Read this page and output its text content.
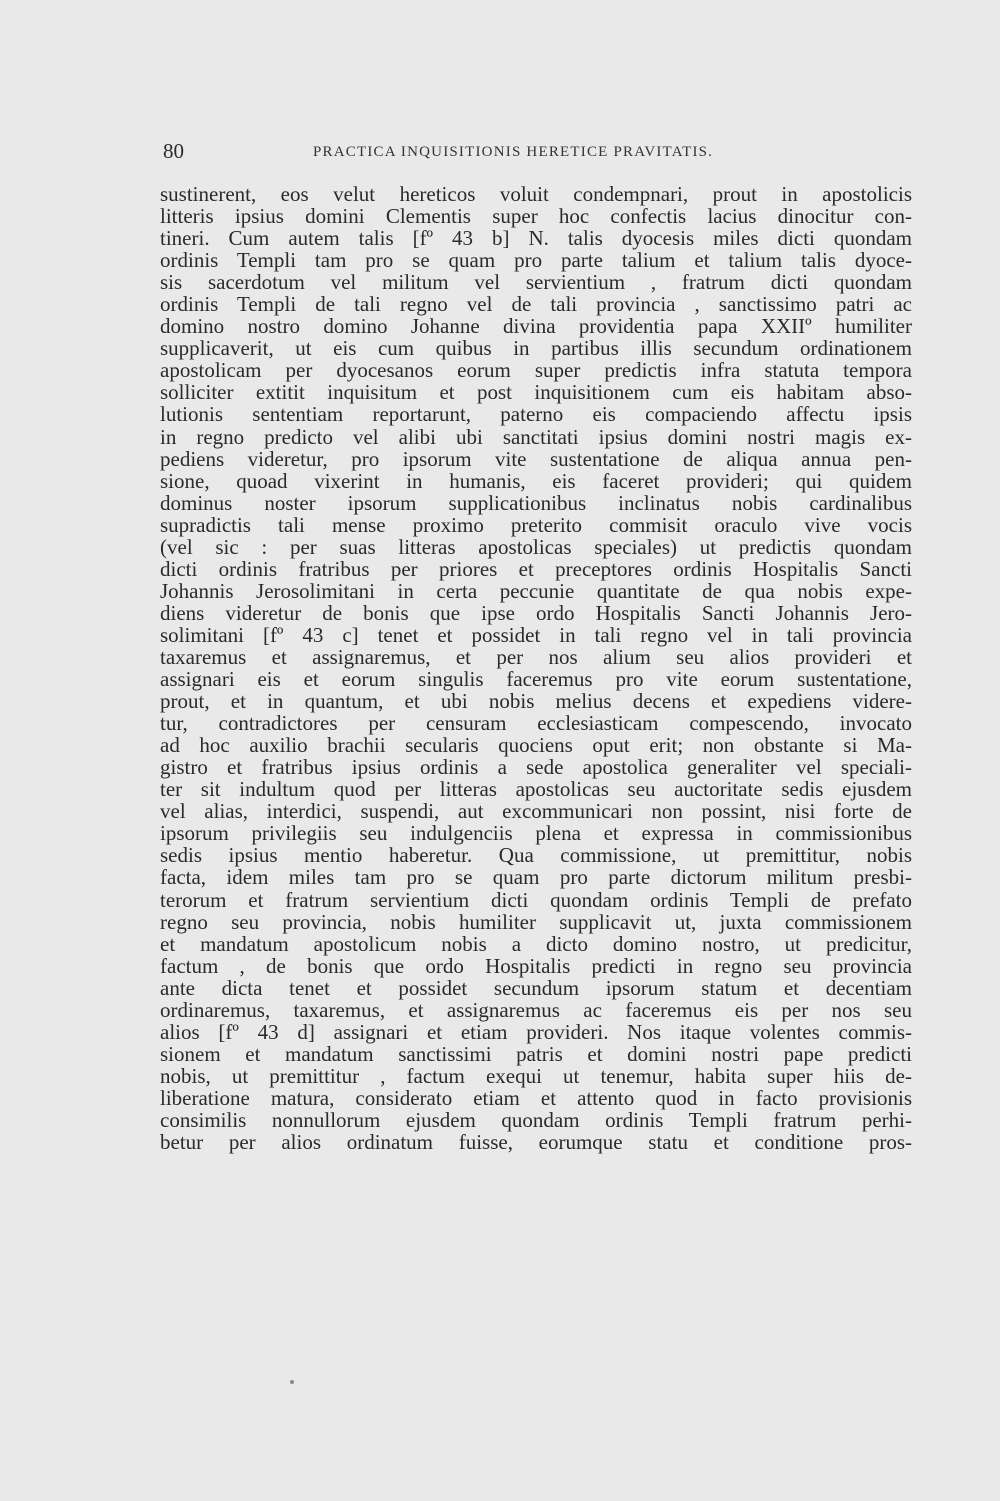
80	PRACTICA INQUISITIONIS HERETICE PRAVITATIS.
sustinerent, eos velut hereticos voluit condempnari, prout in apostolicis
litteris ipsius domini Clementis super hoc confectis lacius dinocitur con-
tineri. Cum autem talis [fº 43 b] N. talis dyocesis miles dicti quondam
ordinis Templi tam pro se quam pro parte talium et talium talis dyoce-
sis sacerdotum vel militum vel servientium , fratrum dicti quondam
ordinis Templi de tali regno vel de tali provincia , sanctissimo patri ac
domino nostro domino Johanne divina providentia papa XXIIº humiliter
supplicaverit, ut eis cum quibus in partibus illis secundum ordinationem
apostolicam per dyocesanos eorum super predictis infra statuta tempora
solliciter extitit inquisitum et post inquisitionem cum eis habitam abso-
lutionis sententiam reportarunt, paterno eis compaciendo affectu ipsis
in regno predicto vel alibi ubi sanctitati ipsius domini nostri magis ex-
pediens videretur, pro ipsorum vite sustentatione de aliqua annua pen-
sione, quoad vixerint in humanis, eis faceret provideri; qui quidem
dominus noster ipsorum supplicationibus inclinatus nobis cardinalibus
supradictis tali mense proximo preterito commisit oraculo vive vocis
(vel sic : per suas litteras apostolicas speciales) ut predictis quondam
dicti ordinis fratribus per priores et preceptores ordinis Hospitalis Sancti
Johannis Jerosolimitani in certa peccunie quantitate de qua nobis expe-
diens videretur de bonis que ipse ordo Hospitalis Sancti Johannis Jero-
solimitani [fº 43 c] tenet et possidet in tali regno vel in tali provincia
taxaremus et assignaremus, et per nos alium seu alios provideri et
assignari eis et eorum singulis faceremus pro vite eorum sustentatione,
prout, et in quantum, et ubi nobis melius decens et expediens videre-
tur, contradictores per censuram ecclesiasticam compescendo, invocato
ad hoc auxilio brachii secularis quociens oput erit; non obstante si Ma-
gistro et fratribus ipsius ordinis a sede apostolica generaliter vel speciali-
ter sit indultum quod per litteras apostolicas seu auctoritate sedis ejusdem
vel alias, interdici, suspendi, aut excommunicari non possint, nisi forte de
ipsorum privilegiis seu indulgenciis plena et expressa in commissionibus
sedis ipsius mentio haberetur. Qua commissione, ut premittitur, nobis
facta, idem miles tam pro se quam pro parte dictorum militum presbi-
terorum et fratrum servientium dicti quondam ordinis Templi de prefato
regno seu provincia, nobis humiliter supplicavit ut, juxta commissionem
et mandatum apostolicum nobis a dicto domino nostro, ut predicitur,
factum , de bonis que ordo Hospitalis predicti in regno seu provincia
ante dicta tenet et possidet secundum ipsorum statum et decentiam
ordinaremus, taxaremus, et assignaremus ac faceremus eis per nos seu
alios [fº 43 d] assignari et etiam provideri. Nos itaque volentes commis-
sionem et mandatum sanctissimi patris et domini nostri pape predicti
nobis, ut premittitur , factum exequi ut tenemur, habita super hiis de-
liberatione matura, considerato etiam et attento quod in facto provisionis
consimilis nonnullorum ejusdem quondam ordinis Templi fratrum perhi-
betur per alios ordinatum fuisse, eorumque statu et conditione pros-
